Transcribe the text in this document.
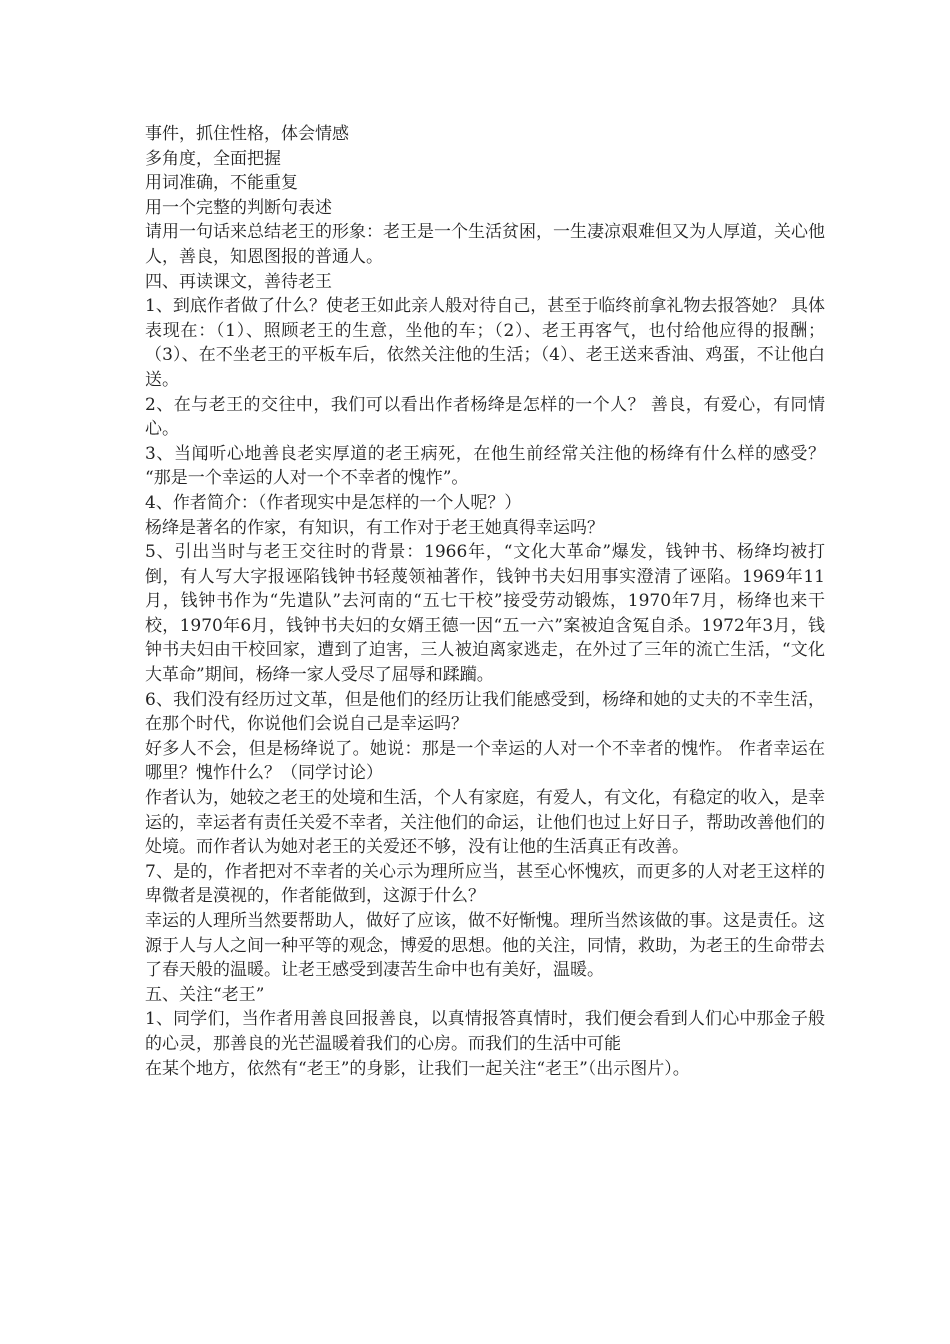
事件，抓住性格，体会情感

多角度，全面把握

用词准确，不能重复

用一个完整的判断句表述

请用一句话来总结老王的形象：老王是一个生活贫困，一生凄凉艰难但又为人厚道，关心他人，善良，知恩图报的普通人。

四、再读课文，善待老王

1、到底作者做了什么？使老王如此亲人般对待自己，甚至于临终前拿礼物去报答她？ 具体表现在：（1）、照顾老王的生意，坐他的车；（2）、老王再客气，也付给他应得的报酬；（3）、在不坐老王的平板车后，依然关注他的生活；（4）、老王送来香油、鸡蛋，不让他白送。

2、在与老王的交往中，我们可以看出作者杨绛是怎样的一个人？ 善良，有爱心，有同情心。

3、当闻听心地善良老实厚道的老王病死，在他生前经常关注他的杨绛有什么样的感受？ “那是一个幸运的人对一个不幸者的愧怍”。

4、作者简介：（作者现实中是怎样的一个人呢？）

杨绛是著名的作家，有知识，有工作对于老王她真得幸运吗？

5、引出当时与老王交往时的背景：1966年，“文化大革命”爆发，钱钟书、杨绛均被打倒，有人写大字报诬陷钱钟书轻蔑领袖著作，钱钟书夫妇用事实澄清了诬陷。1969年11月，钱钟书作为“先遣队”去河南的“五七干校”接受劳动锻炼，1970年7月，杨绛也来干校，1970年6月，钱钟书夫妇的女婿王德一因“五一六”案被迫含冤自杀。1972年3月，钱钟书夫妇由干校回家，遭到了迫害，三人被迫离家逃走，在外过了三年的流亡生活，“文化大革命”期间，杨绛一家人受尽了屈辱和蹂躏。

6、我们没有经历过文革，但是他们的经历让我们能感受到，杨绛和她的丈夫的不幸生活，在那个时代，你说他们会说自己是幸运吗？

好多人不会，但是杨绛说了。她说：那是一个幸运的人对一个不幸者的愧怍。 作者幸运在哪里？愧怍什么？（同学讨论）

作者认为，她较之老王的处境和生活，个人有家庭，有爱人，有文化，有稳定的收入，是幸运的，幸运者有责任关爱不幸者，关注他们的命运，让他们也过上好日子，帮助改善他们的处境。而作者认为她对老王的关爱还不够，没有让他的生活真正有改善。

7、是的，作者把对不幸者的关心示为理所应当，甚至心怀愧疚，而更多的人对老王这样的卑微者是漠视的，作者能做到，这源于什么？

幸运的人理所当然要帮助人，做好了应该，做不好惭愧。理所当然该做的事。这是责任。这源于人与人之间一种平等的观念，博爱的思想。他的关注，同情，救助，为老王的生命带去了春天般的温暖。让老王感受到凄苦生命中也有美好，温暖。

五、关注“老王”

1、同学们，当作者用善良回报善良，以真情报答真情时，我们便会看到人们心中那金子般的心灵，那善良的光芒温暖着我们的心房。而我们的生活中可能

在某个地方，依然有“老王”的身影，让我们一起关注“老王”（出示图片）。
